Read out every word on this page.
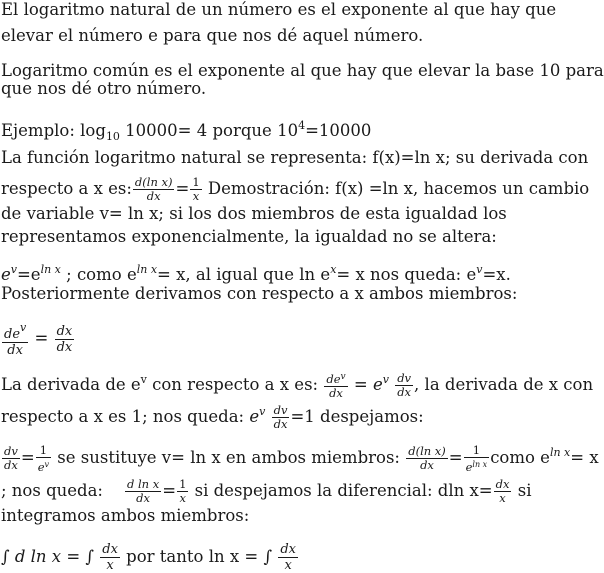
El logaritmo natural de un número es el exponente al que hay que
elevar el número e para que nos dé aquel número.
Logaritmo común es el exponente al que hay que elevar la base 10 para
que nos dé otro número.
Ejemplo: $\log_{10} 10000= 4$ porque $10^4=10000$
La función logaritmo natural se representa: f(x)=ln x; su derivada con
respecto a x es: $\frac{\text{d(ln x)}}{dx} = \frac{1}{x}$ Demostración: f(x) =ln x, hacemos un cambio
de variable v= ln x; si los dos miembros de esta igualdad los
representamos exponencialmente, la igualdad no se altera:
$e^v=e^{ln x}$ ; como $e^{ln x}= x$, al igual que $\ln e^x= x$ nos queda: $e^v=x$.
Posteriormente derivamos con respecto a x ambos miembros:
$\frac{de^v}{dx} = \frac{dx}{dx}$
La derivada de $e^v$ con respecto a x es: $\frac{de^v}{dx} = e^v \frac{dv}{dx}$ , la derivada de x con
respecto a x es 1; nos queda: $e^v \frac{dv}{dx} =1$ despejamos:
$\frac{dv}{dx} = \frac{1}{e^v}$ se sustituye v= ln x en ambos miembros: $\frac{\text{d(ln x)}}{dx} = \frac{1}{e^{ln x}}$ como $e^{ln x}= x$
; nos queda: $\frac{\text{d ln x}}{dx} = \frac{1}{x}$ si despejamos la diferencial: dln $x= \frac{dx}{x}$ si
integramos ambos miembros:
∫ d ln x = ∫ $\frac{dx}{x}$ por tanto ln x = ∫ $\frac{dx}{x}$
